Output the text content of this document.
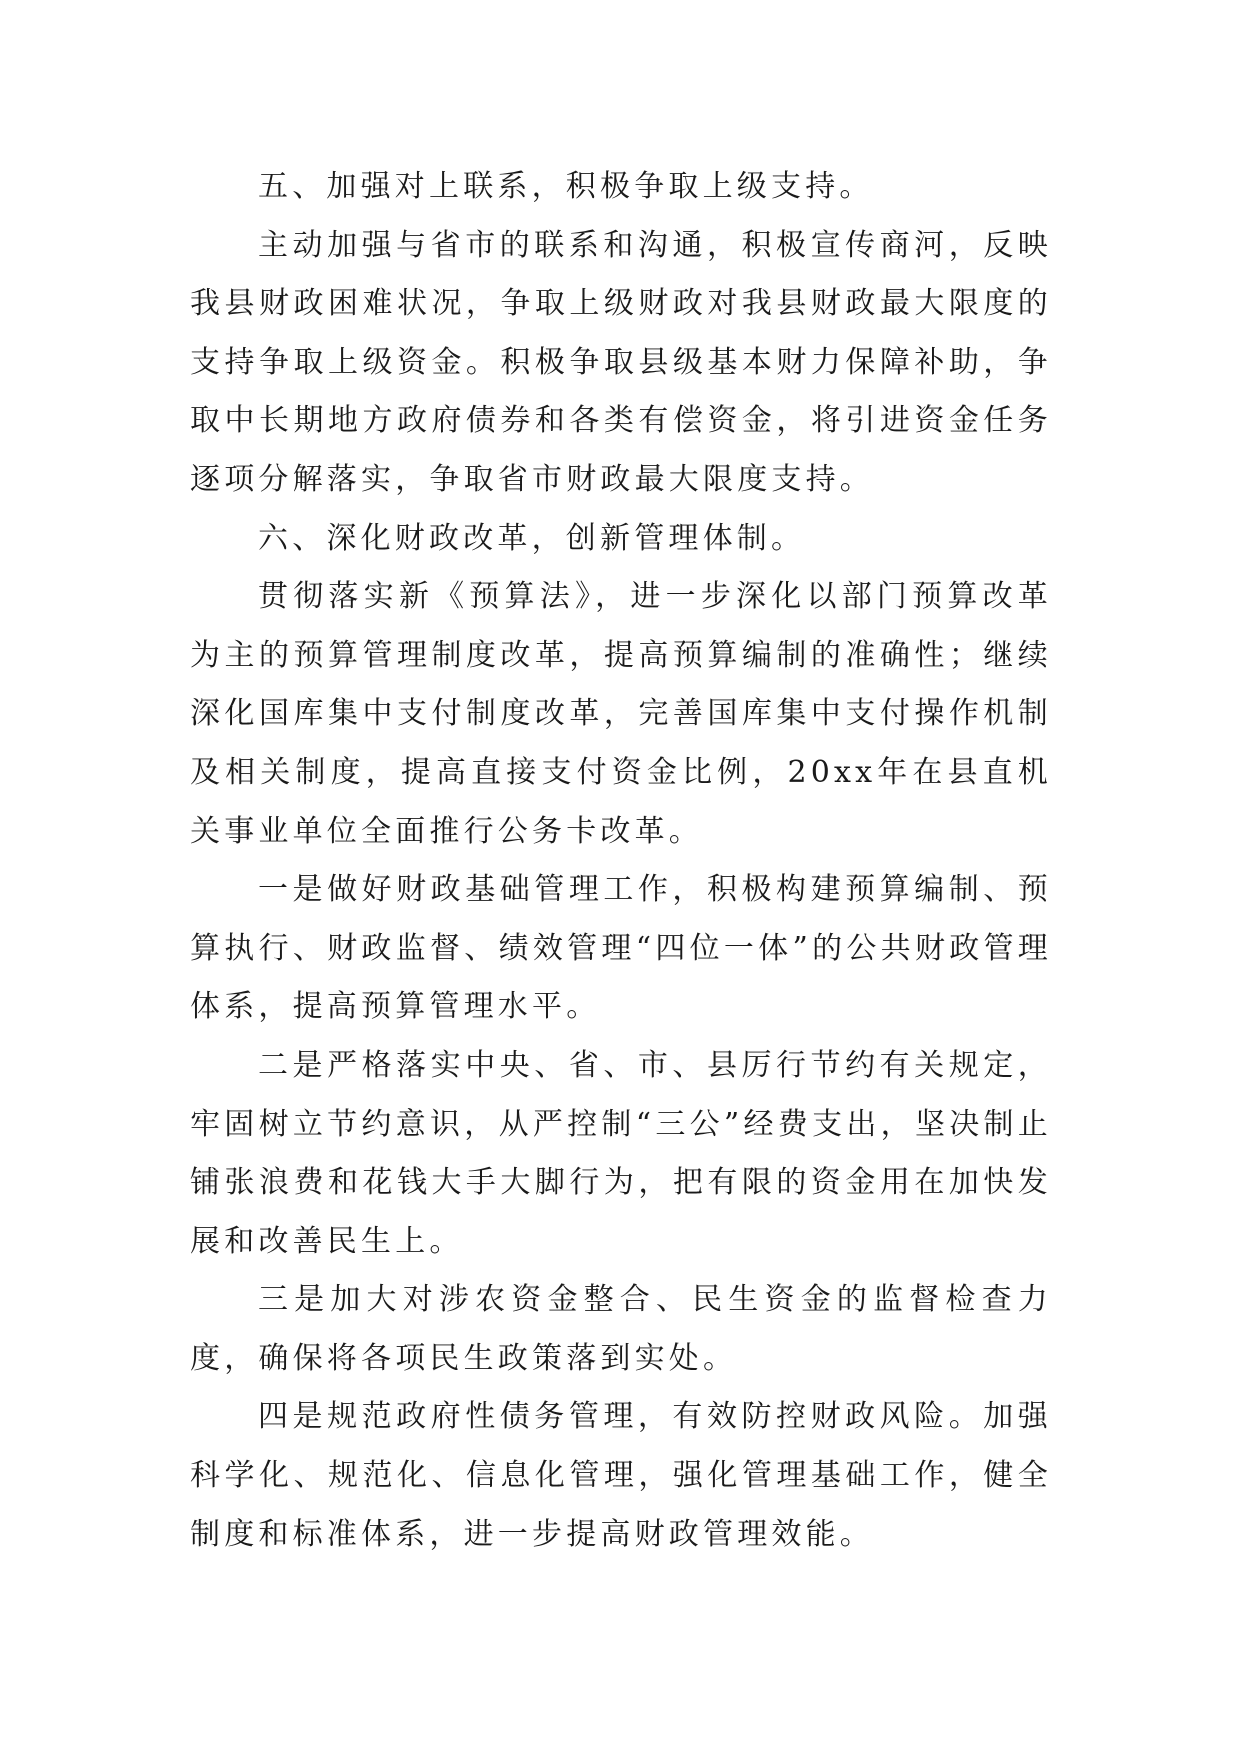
五、加强对上联系，积极争取上级支持。

主动加强与省市的联系和沟通，积极宣传商河，反映我县财政困难状况，争取上级财政对我县财政最大限度的支持争取上级资金。积极争取县级基本财力保障补助，争取中长期地方政府债券和各类有偿资金，将引进资金任务逐项分解落实，争取省市财政最大限度支持。

六、深化财政改革，创新管理体制。

贯彻落实新《预算法》，进一步深化以部门预算改革为主的预算管理制度改革，提高预算编制的准确性；继续深化国库集中支付制度改革，完善国库集中支付操作机制及相关制度，提高直接支付资金比例，20xx年在县直机关事业单位全面推行公务卡改革。

一是做好财政基础管理工作，积极构建预算编制、预算执行、财政监督、绩效管理“四位一体”的公共财政管理体系，提高预算管理水平。

二是严格落实中央、省、市、县厉行节约有关规定，牢固树立节约意识，从严控制“三公”经费支出，坚决制止铺张浪费和花钱大手大脚行为，把有限的资金用在加快发展和改善民生上。

三是加大对涉农资金整合、民生资金的监督检查力度，确保将各项民生政策落到实处。

四是规范政府性债务管理，有效防控财政风险。加强科学化、规范化、信息化管理，强化管理基础工作，健全制度和标准体系，进一步提高财政管理效能。
